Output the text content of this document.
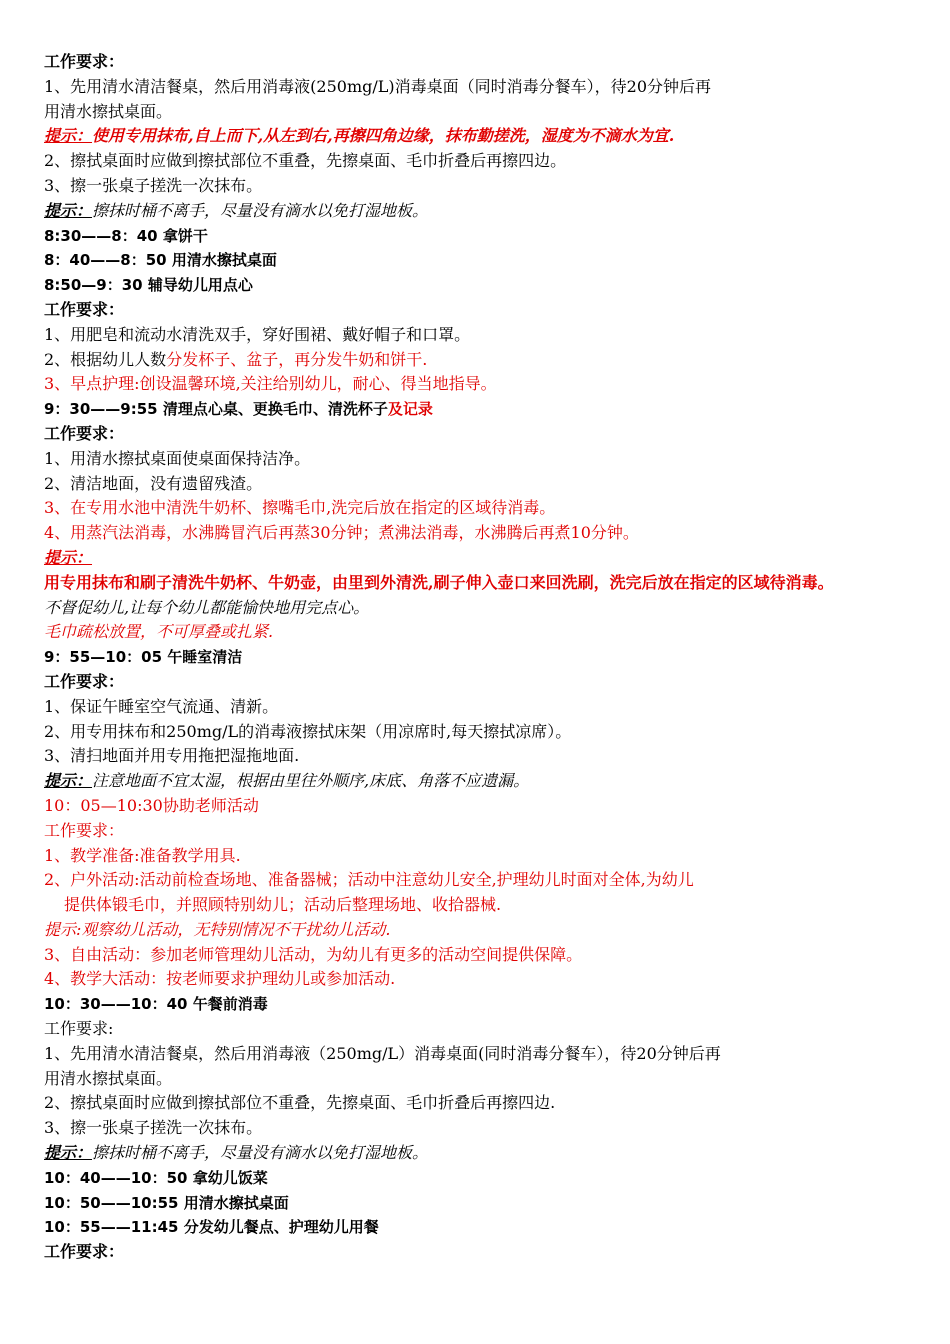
工作要求：
1、先用清水清洁餐桌，然后用消毒液(250mg/L)消毒桌面（同时消毒分餐车），待20分钟后再
用清水擦拭桌面。
提示：使用专用抹布,自上而下,从左到右,再擦四角边缘，抹布勤搓洗，湿度为不滴水为宜.
2、擦拭桌面时应做到擦拭部位不重叠，先擦桌面、毛巾折叠后再擦四边。
3、擦一张桌子搓洗一次抹布。
提示：擦抹时桶不离手，尽量没有滴水以免打湿地板。
8:30——8：40 拿饼干
8：40——8：50 用清水擦拭桌面
8:50—9：30 辅导幼儿用点心
工作要求：
1、用肥皂和流动水清洗双手，穿好围裙、戴好帽子和口罩。
2、根据幼儿人数分发杯子、盆子，再分发牛奶和饼干.
3、早点护理:创设温馨环境,关注给别幼儿，耐心、得当地指导。
9：30——9:55 清理点心桌、更换毛巾、清洗杯子及记录
工作要求：
1、用清水擦拭桌面使桌面保持洁净。
2、清洁地面，没有遗留残渣。
3、在专用水池中清洗牛奶杯、擦嘴毛巾,洗完后放在指定的区域待消毒。
4、用蒸汽法消毒，水沸腾冒汽后再蒸30分钟；煮沸法消毒，水沸腾后再煮10分钟。
提示：
用专用抹布和刷子清洗牛奶杯、牛奶壶，由里到外清洗,刷子伸入壶口来回洗刷，洗完后放在指定的区域待消毒。
不督促幼儿,让每个幼儿都能愉快地用完点心。
毛巾疏松放置，不可厚叠或扎紧.
9：55—10：05 午睡室清洁
工作要求：
1、保证午睡室空气流通、清新。
2、用专用抹布和250mg/L的消毒液擦拭床架（用凉席时,每天擦拭凉席）。
3、清扫地面并用专用拖把湿拖地面.
提示：注意地面不宜太湿，根据由里往外顺序,床底、角落不应遗漏。
10：05—10:30协助老师活动
工作要求：
1、教学准备:准备教学用具.
2、户外活动:活动前检查场地、准备器械；活动中注意幼儿安全,护理幼儿时面对全体,为幼儿
提供体锻毛巾，并照顾特别幼儿；活动后整理场地、收拾器械.
提示:观察幼儿活动，无特别情况不干扰幼儿活动.
3、自由活动：参加老师管理幼儿活动，为幼儿有更多的活动空间提供保障。
4、教学大活动：按老师要求护理幼儿或参加活动.
10：30——10：40 午餐前消毒
工作要求:
1、先用清水清洁餐桌，然后用消毒液（250mg/L）消毒桌面(同时消毒分餐车），待20分钟后再
用清水擦拭桌面。
2、擦拭桌面时应做到擦拭部位不重叠，先擦桌面、毛巾折叠后再擦四边.
3、擦一张桌子搓洗一次抹布。
提示：擦抹时桶不离手，尽量没有滴水以免打湿地板。
10：40——10：50 拿幼儿饭菜
10：50——10:55 用清水擦拭桌面
10：55——11:45 分发幼儿餐点、护理幼儿用餐
工作要求：
